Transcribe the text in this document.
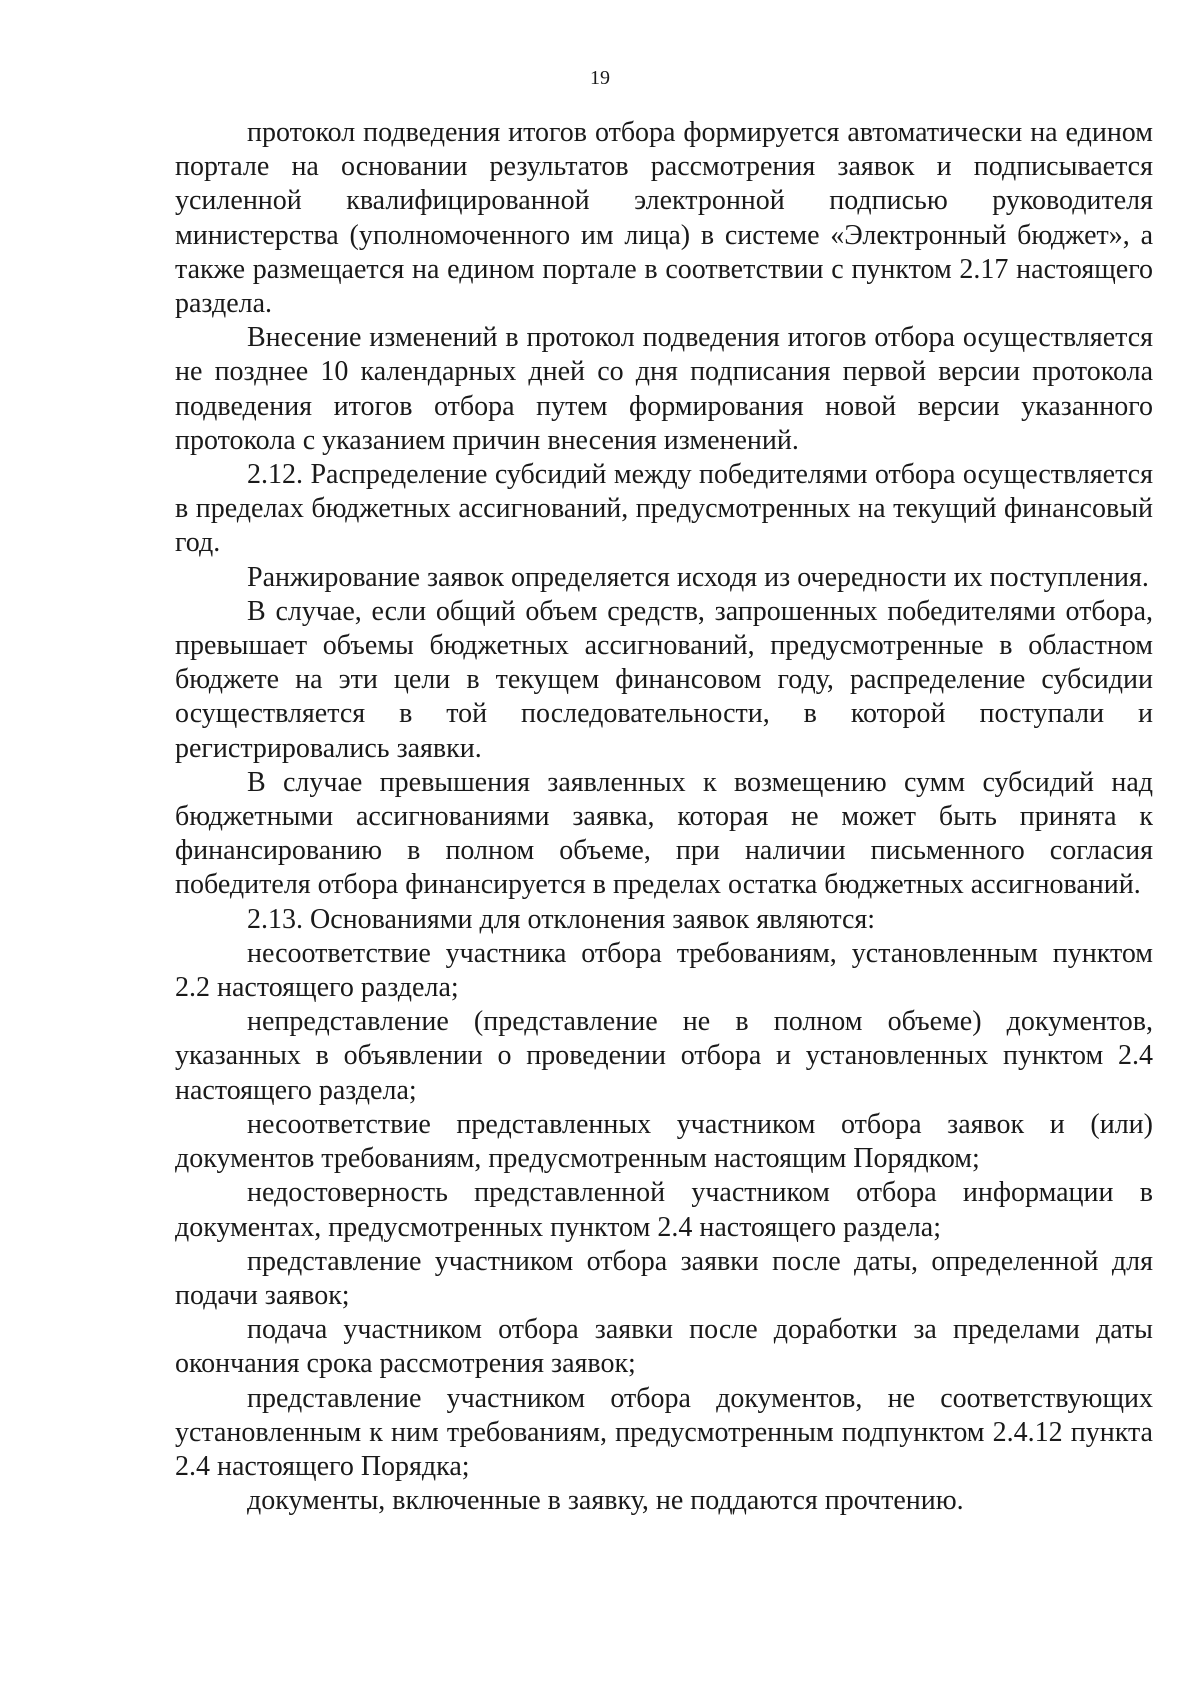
19

протокол подведения итогов отбора формируется автоматически на едином портале на основании результатов рассмотрения заявок и подписывается усиленной квалифицированной электронной подписью руководителя министерства (уполномоченного им лица) в системе «Электронный бюджет», а также размещается на едином портале в соответствии с пунктом 2.17 настоящего раздела.

Внесение изменений в протокол подведения итогов отбора осуществляется не позднее 10 календарных дней со дня подписания первой версии протокола подведения итогов отбора путем формирования новой версии указанного протокола с указанием причин внесения изменений.

2.12. Распределение субсидий между победителями отбора осуществляется в пределах бюджетных ассигнований, предусмотренных на текущий финансовый год.

Ранжирование заявок определяется исходя из очередности их поступления.

В случае, если общий объем средств, запрошенных победителями отбора, превышает объемы бюджетных ассигнований, предусмотренные в областном бюджете на эти цели в текущем финансовом году, распределение субсидии осуществляется в той последовательности, в которой поступали и регистрировались заявки.

В случае превышения заявленных к возмещению сумм субсидий над бюджетными ассигнованиями заявка, которая не может быть принята к финансированию в полном объеме, при наличии письменного согласия победителя отбора финансируется в пределах остатка бюджетных ассигнований.

2.13. Основаниями для отклонения заявок являются:

несоответствие участника отбора требованиям, установленным пунктом 2.2 настоящего раздела;

непредставление (представление не в полном объеме) документов, указанных в объявлении о проведении отбора и установленных пунктом 2.4 настоящего раздела;

несоответствие представленных участником отбора заявок и (или) документов требованиям, предусмотренным настоящим Порядком;

недостоверность представленной участником отбора информации в документах, предусмотренных пунктом 2.4 настоящего раздела;

представление участником отбора заявки после даты, определенной для подачи заявок;

подача участником отбора заявки после доработки за пределами даты окончания срока рассмотрения заявок;

представление участником отбора документов, не соответствующих установленным к ним требованиям, предусмотренным подпунктом 2.4.12 пункта 2.4 настоящего Порядка;

документы, включенные в заявку, не поддаются прочтению.
